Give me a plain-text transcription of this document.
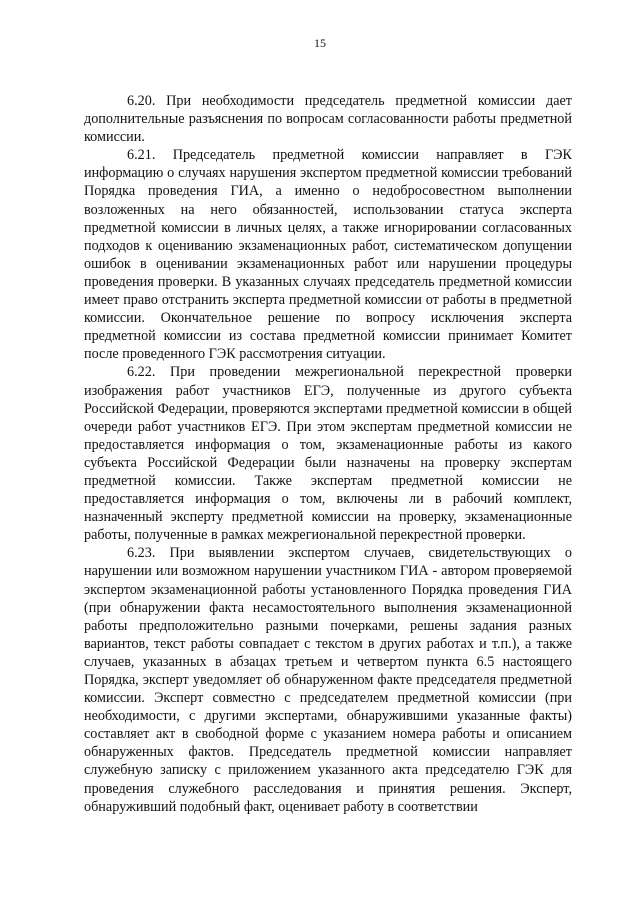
15

6.20. При необходимости председатель предметной комиссии дает дополнительные разъяснения по вопросам согласованности работы предметной комиссии.

6.21. Председатель предметной комиссии направляет в ГЭК информацию о случаях нарушения экспертом предметной комиссии требований Порядка проведения ГИА, а именно о недобросовестном выполнении возложенных на него обязанностей, использовании статуса эксперта предметной комиссии в личных целях, а также игнорировании согласованных подходов к оцениванию экзаменационных работ, систематическом допущении ошибок в оценивании экзаменационных работ или нарушении процедуры проведения проверки. В указанных случаях председатель предметной комиссии имеет право отстранить эксперта предметной комиссии от работы в предметной комиссии. Окончательное решение по вопросу исключения эксперта предметной комиссии из состава предметной комиссии принимает Комитет после проведенного ГЭК рассмотрения ситуации.

6.22. При проведении межрегиональной перекрестной проверки изображения работ участников ЕГЭ, полученные из другого субъекта Российской Федерации, проверяются экспертами предметной комиссии в общей очереди работ участников ЕГЭ. При этом экспертам предметной комиссии не предоставляется информация о том, экзаменационные работы из какого субъекта Российской Федерации были назначены на проверку экспертам предметной комиссии. Также экспертам предметной комиссии не предоставляется информация о том, включены ли в рабочий комплект, назначенный эксперту предметной комиссии на проверку, экзаменационные работы, полученные в рамках межрегиональной перекрестной проверки.

6.23. При выявлении экспертом случаев, свидетельствующих о нарушении или возможном нарушении участником ГИА - автором проверяемой экспертом экзаменационной работы установленного Порядка проведения ГИА (при обнаружении факта несамостоятельного выполнения экзаменационной работы предположительно разными почерками, решены задания разных вариантов, текст работы совпадает с текстом в других работах и т.п.), а также случаев, указанных в абзацах третьем и четвертом пункта 6.5 настоящего Порядка, эксперт уведомляет об обнаруженном факте председателя предметной комиссии. Эксперт совместно с председателем предметной комиссии (при необходимости, с другими экспертами, обнаружившими указанные факты) составляет акт в свободной форме с указанием номера работы и описанием обнаруженных фактов. Председатель предметной комиссии направляет служебную записку с приложением указанного акта председателю ГЭК для проведения служебного расследования и принятия решения. Эксперт, обнаруживший подобный факт, оценивает работу в соответствии
